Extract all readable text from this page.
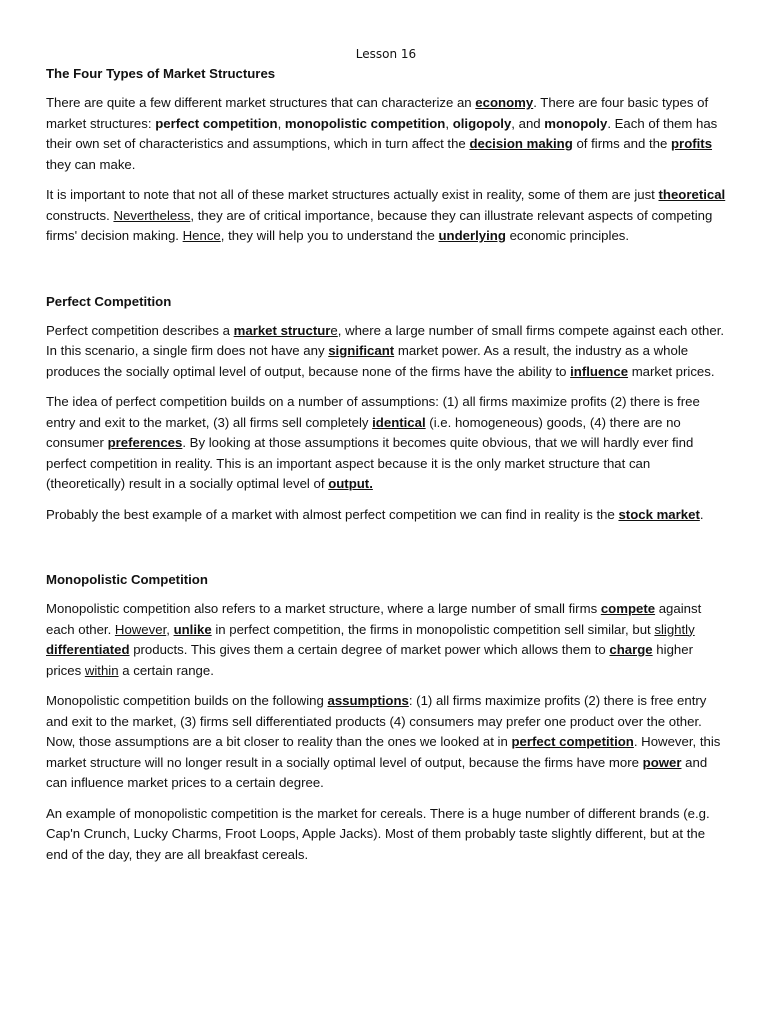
Lesson 16
The Four Types of Market Structures

There are quite a few different market structures that can characterize an economy. There are four basic types of market structures: perfect competition, monopolistic competition, oligopoly, and monopoly. Each of them has their own set of characteristics and assumptions, which in turn affect the decision making of firms and the profits they can make.

It is important to note that not all of these market structures actually exist in reality, some of them are just theoretical constructs. Nevertheless, they are of critical importance, because they can illustrate relevant aspects of competing firms' decision making. Hence, they will help you to understand the underlying economic principles.

Perfect Competition

Perfect competition describes a market structure, where a large number of small firms compete against each other. In this scenario, a single firm does not have any significant market power. As a result, the industry as a whole produces the socially optimal level of output, because none of the firms have the ability to influence market prices.

The idea of perfect competition builds on a number of assumptions: (1) all firms maximize profits (2) there is free entry and exit to the market, (3) all firms sell completely identical (i.e. homogeneous) goods, (4) there are no consumer preferences. By looking at those assumptions it becomes quite obvious, that we will hardly ever find perfect competition in reality. This is an important aspect because it is the only market structure that can (theoretically) result in a socially optimal level of output.

Probably the best example of a market with almost perfect competition we can find in reality is the stock market.

Monopolistic Competition

Monopolistic competition also refers to a market structure, where a large number of small firms compete against each other. However, unlike in perfect competition, the firms in monopolistic competition sell similar, but slightly differentiated products. This gives them a certain degree of market power which allows them to charge higher prices within a certain range.

Monopolistic competition builds on the following assumptions: (1) all firms maximize profits (2) there is free entry and exit to the market, (3) firms sell differentiated products (4) consumers may prefer one product over the other. Now, those assumptions are a bit closer to reality than the ones we looked at in perfect competition. However, this market structure will no longer result in a socially optimal level of output, because the firms have more power and can influence market prices to a certain degree.

An example of monopolistic competition is the market for cereals. There is a huge number of different brands (e.g. Cap'n Crunch, Lucky Charms, Froot Loops, Apple Jacks). Most of them probably taste slightly different, but at the end of the day, they are all breakfast cereals.
